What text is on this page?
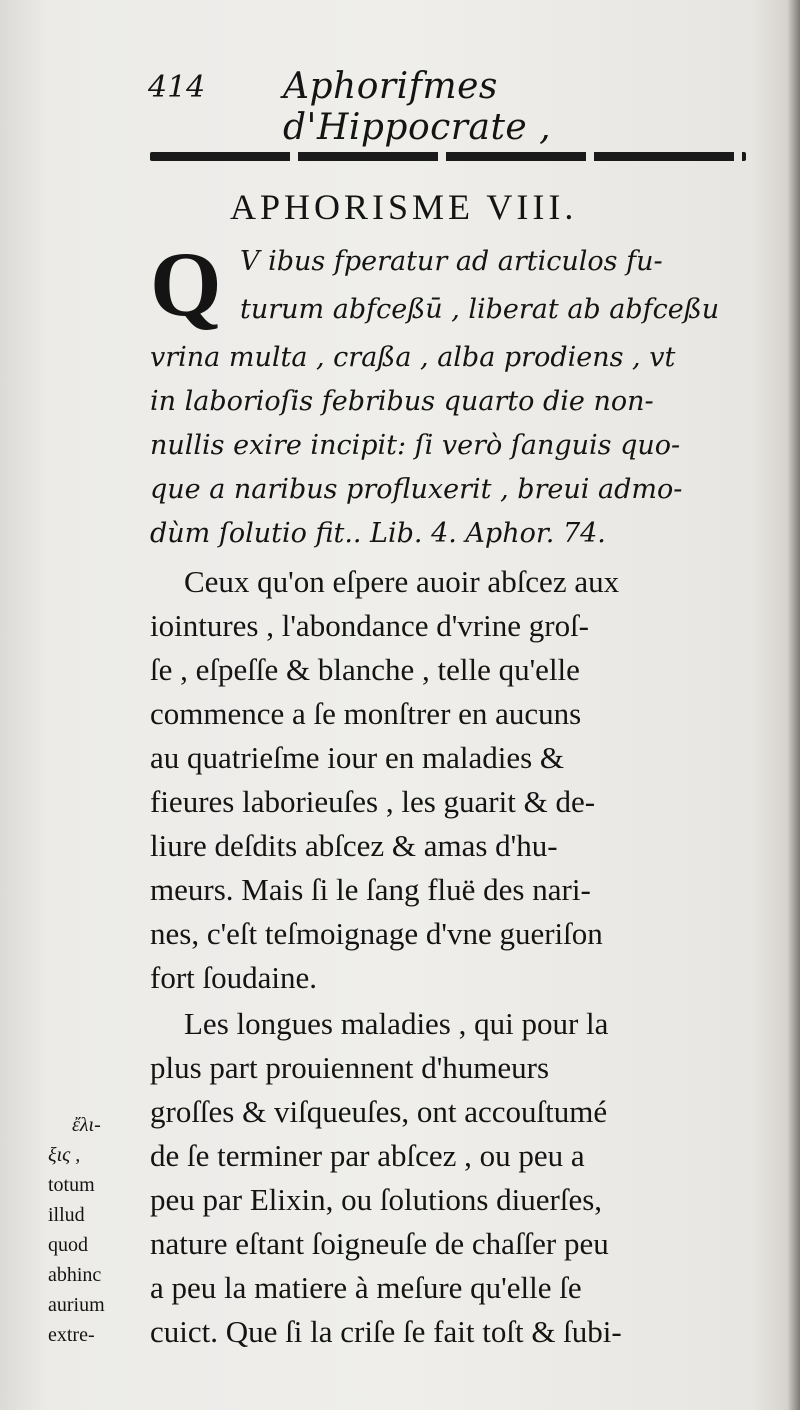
414 Aphorifmes d'Hippocrate ,
APHORISME VIII.
Q V ibus fperatur ad articulos fu-
turum abfceßū , liberat ab abfceßu
vrina multa , craßa , alba prodiens , vt
in laborioſis febribus quarto die non-
nullis exire incipit: ſi verò ſanguis quo-
que a naribus profluxerit , breui admo-
dùm ſolutio fit.. Lib. 4. Aphor. 74.
Ceux qu'on eſpere auoir abſcez aux
iointures , l'abondance d'vrine groſ-
ſe , eſpeſſe & blanche , telle qu'elle
commence a ſe monſtrer en aucuns
au quatrieſme iour en maladies &
fieures laborieuſes , les guarit & de-
liure deſdits abſcez & amas d'hu-
meurs. Mais ſi le ſang fluë des nari-
nes, c'eſt teſmoignage d'vne gueriſon
fort ſoudaine.
Les longues maladies , qui pour la
plus part prouiennent d'humeurs
groſſes & viſqueuſes, ont accouſtumé
de ſe terminer par abſcez , ou peu a
peu par Elixin, ou ſolutions diuerſes,
nature eſtant ſoigneuſe de chaſſer peu
a peu la matiere à meſure qu'elle ſe
cuict. Que ſi la criſe ſe fait toſt & ſubi-
ἔλι-
ξις ,
totum
illud
quod
abhinc
aurium
extre-
